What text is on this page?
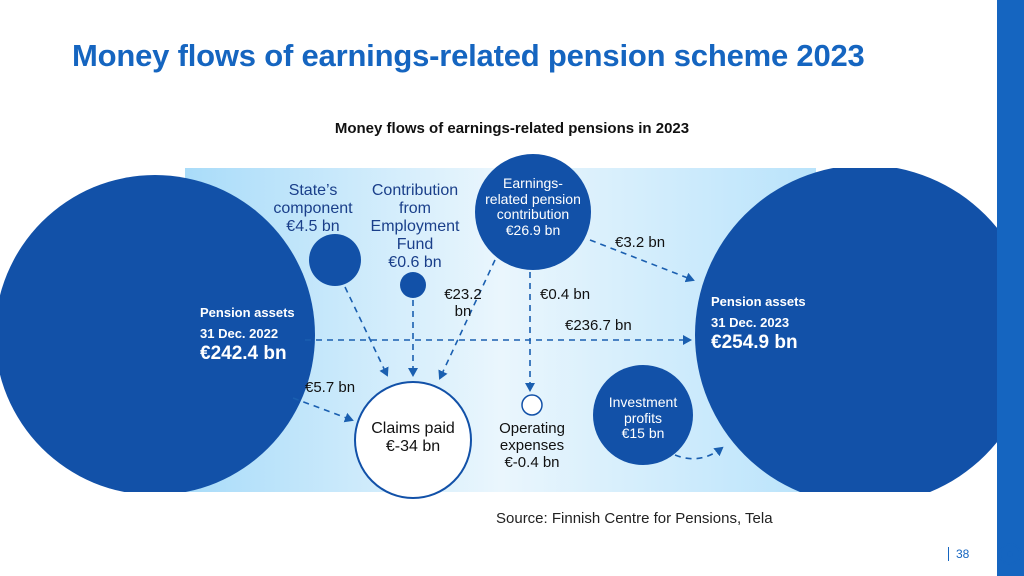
Money flows of earnings-related pension scheme 2023
Money flows of earnings-related pensions in 2023
State’s
component
€4.5 bn
Contribution
from
Employment
Fund
€0.6 bn
Earnings-
related pension
contribution
€26.9 bn
Pension assets
31 Dec. 2022
€242.4 bn
Pension assets
31 Dec. 2023
€254.9 bn
Claims paid
€-34 bn
Operating
expenses
€-0.4 bn
Investment
profits
€15 bn
€3.2 bn
€23.2
bn
€0.4 bn
€236.7 bn
€5.7 bn
Source: Finnish Centre for Pensions, Tela
38
